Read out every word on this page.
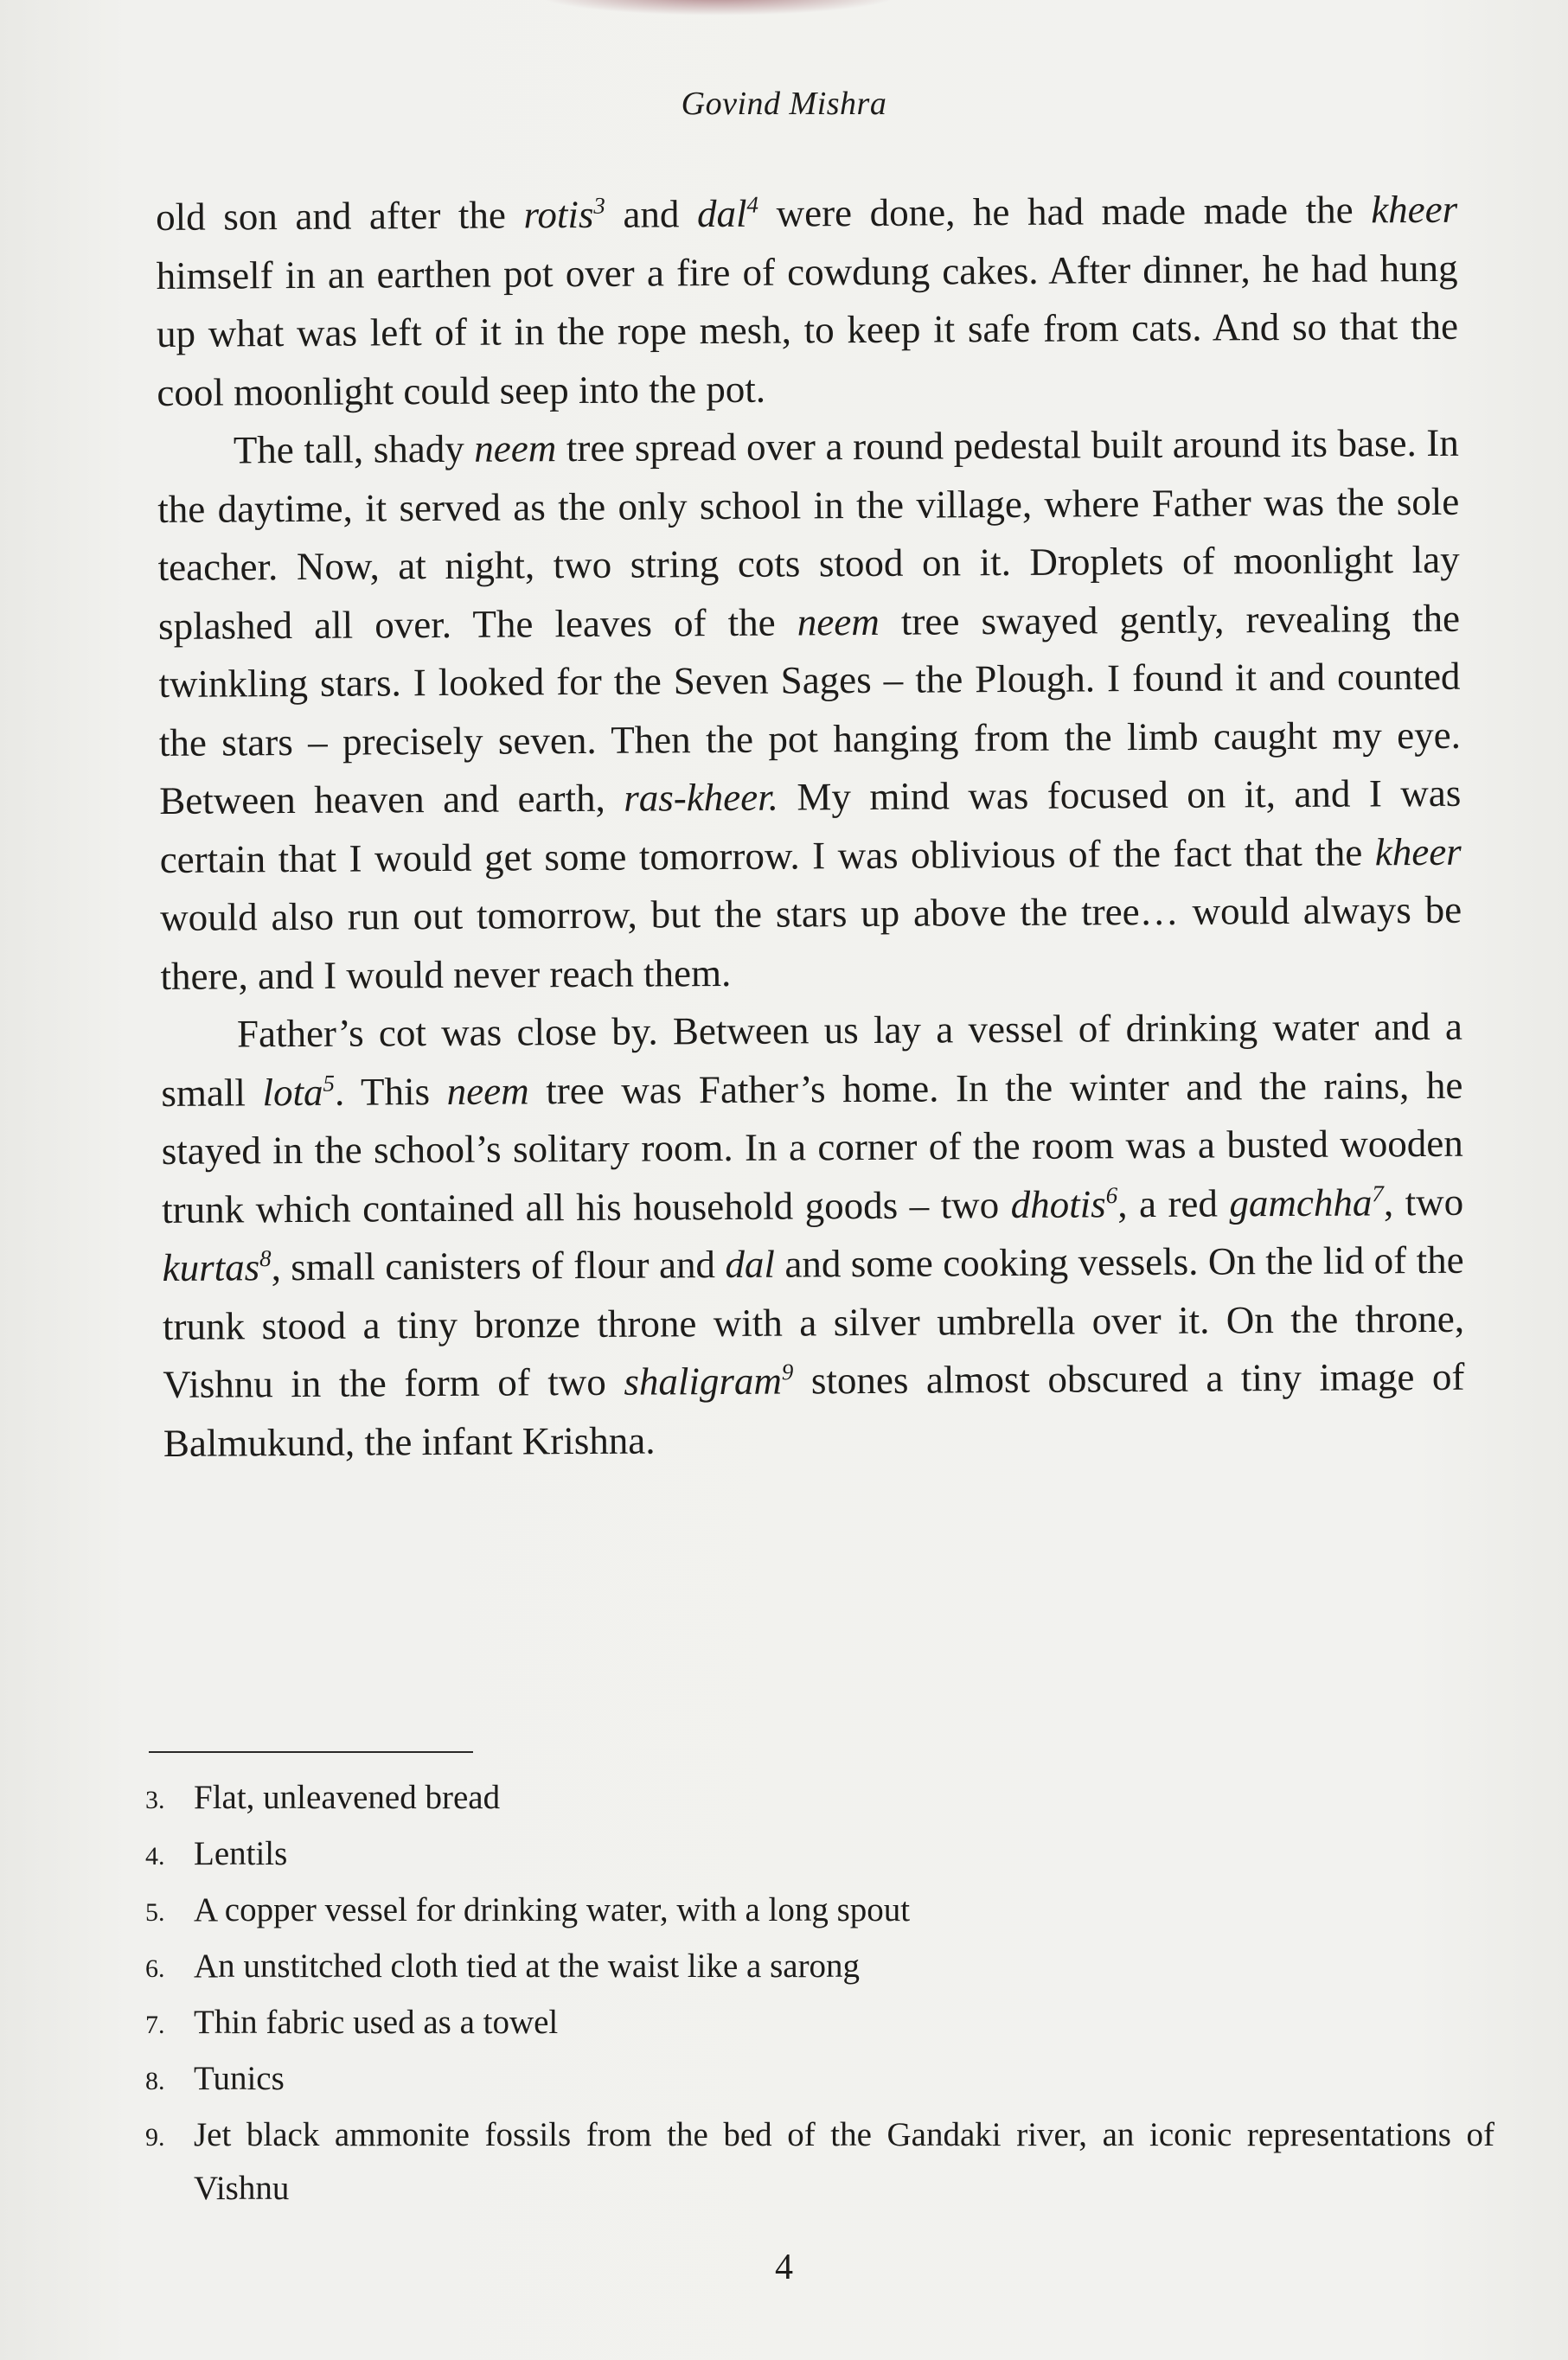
Govind Mishra

old son and after the rotis$^3$ and dal$^4$ were done, he had made made the kheer himself in an earthen pot over a fire of cowdung cakes. After dinner, he had hung up what was left of it in the rope mesh, to keep it safe from cats. And so that the cool moonlight could seep into the pot.

The tall, shady neem tree spread over a round pedestal built around its base. In the daytime, it served as the only school in the village, where Father was the sole teacher. Now, at night, two string cots stood on it. Droplets of moonlight lay splashed all over. The leaves of the neem tree swayed gently, revealing the twinkling stars. I looked for the Seven Sages – the Plough. I found it and counted the stars – precisely seven. Then the pot hanging from the limb caught my eye. Between heaven and earth, ras-kheer. My mind was focused on it, and I was certain that I would get some tomorrow. I was oblivious of the fact that the kheer would also run out tomorrow, but the stars up above the tree… would always be there, and I would never reach them.

Father’s cot was close by. Between us lay a vessel of drinking water and a small lota$^5$. This neem tree was Father’s home. In the winter and the rains, he stayed in the school’s solitary room. In a corner of the room was a busted wooden trunk which contained all his household goods – two dhotis$^6$, a red gamchha$^7$, two kurtas$^8$, small canisters of flour and dal and some cooking vessels. On the lid of the trunk stood a tiny bronze throne with a silver umbrella over it. On the throne, Vishnu in the form of two shaligram$^9$ stones almost obscured a tiny image of Balmukund, the infant Krishna.

3. Flat, unleavened bread
4. Lentils
5. A copper vessel for drinking water, with a long spout
6. An unstitched cloth tied at the waist like a sarong
7. Thin fabric used as a towel
8. Tunics
9. Jet black ammonite fossils from the bed of the Gandaki river, an iconic representations of Vishnu
4
